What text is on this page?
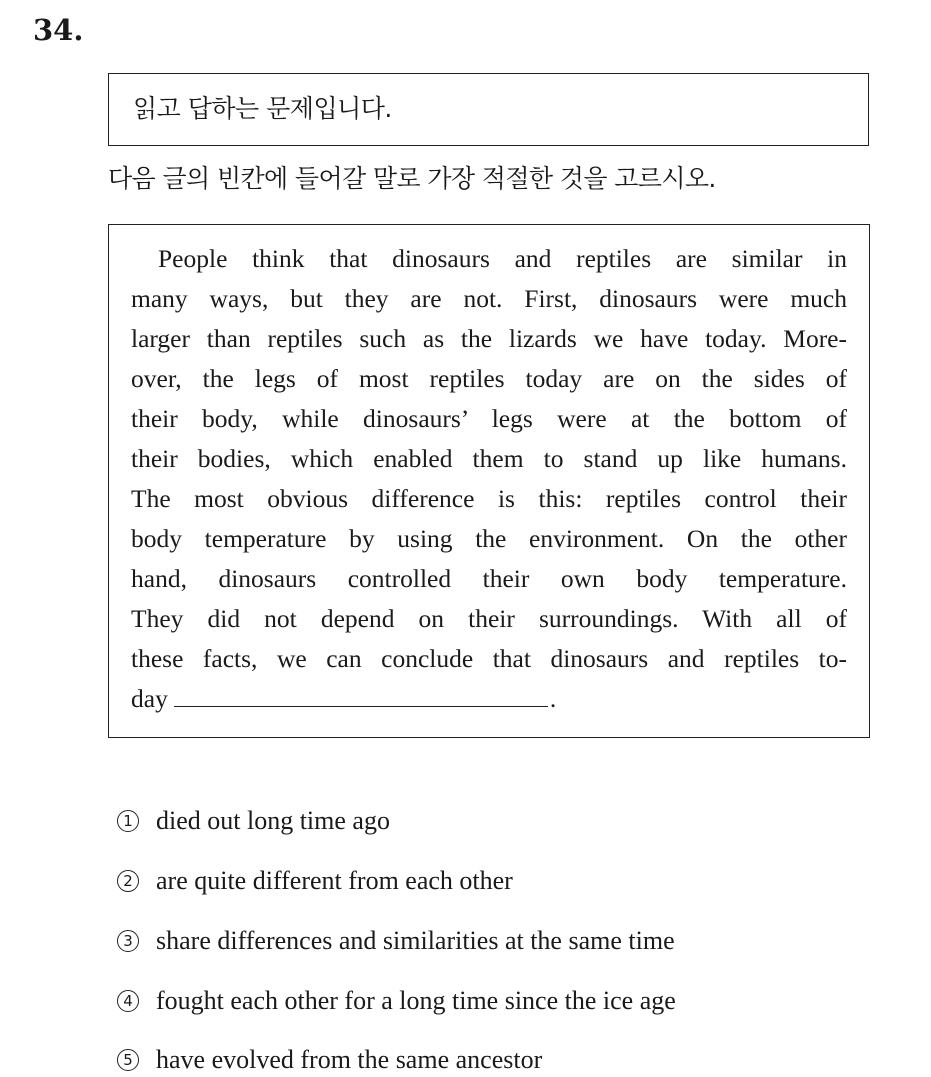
34.
읽고 답하는 문제입니다.
다음 글의 빈칸에 들어갈 말로 가장 적절한 것을 고르시오.
People think that dinosaurs and reptiles are similar in
many ways, but they are not. First, dinosaurs were much
larger than reptiles such as the lizards we have today. More-
over, the legs of most reptiles today are on the sides of
their body, while dinosaurs’ legs were at the bottom of
their bodies, which enabled them to stand up like humans.
The most obvious difference is this: reptiles control their
body temperature by using the environment. On the other
hand, dinosaurs controlled their own body temperature.
They did not depend on their surroundings. With all of
these facts, we can conclude that dinosaurs and reptiles to-
day	.
1 died out long time ago
2 are quite different from each other
3 share differences and similarities at the same time
4 fought each other for a long time since the ice age
5 have evolved from the same ancestor
